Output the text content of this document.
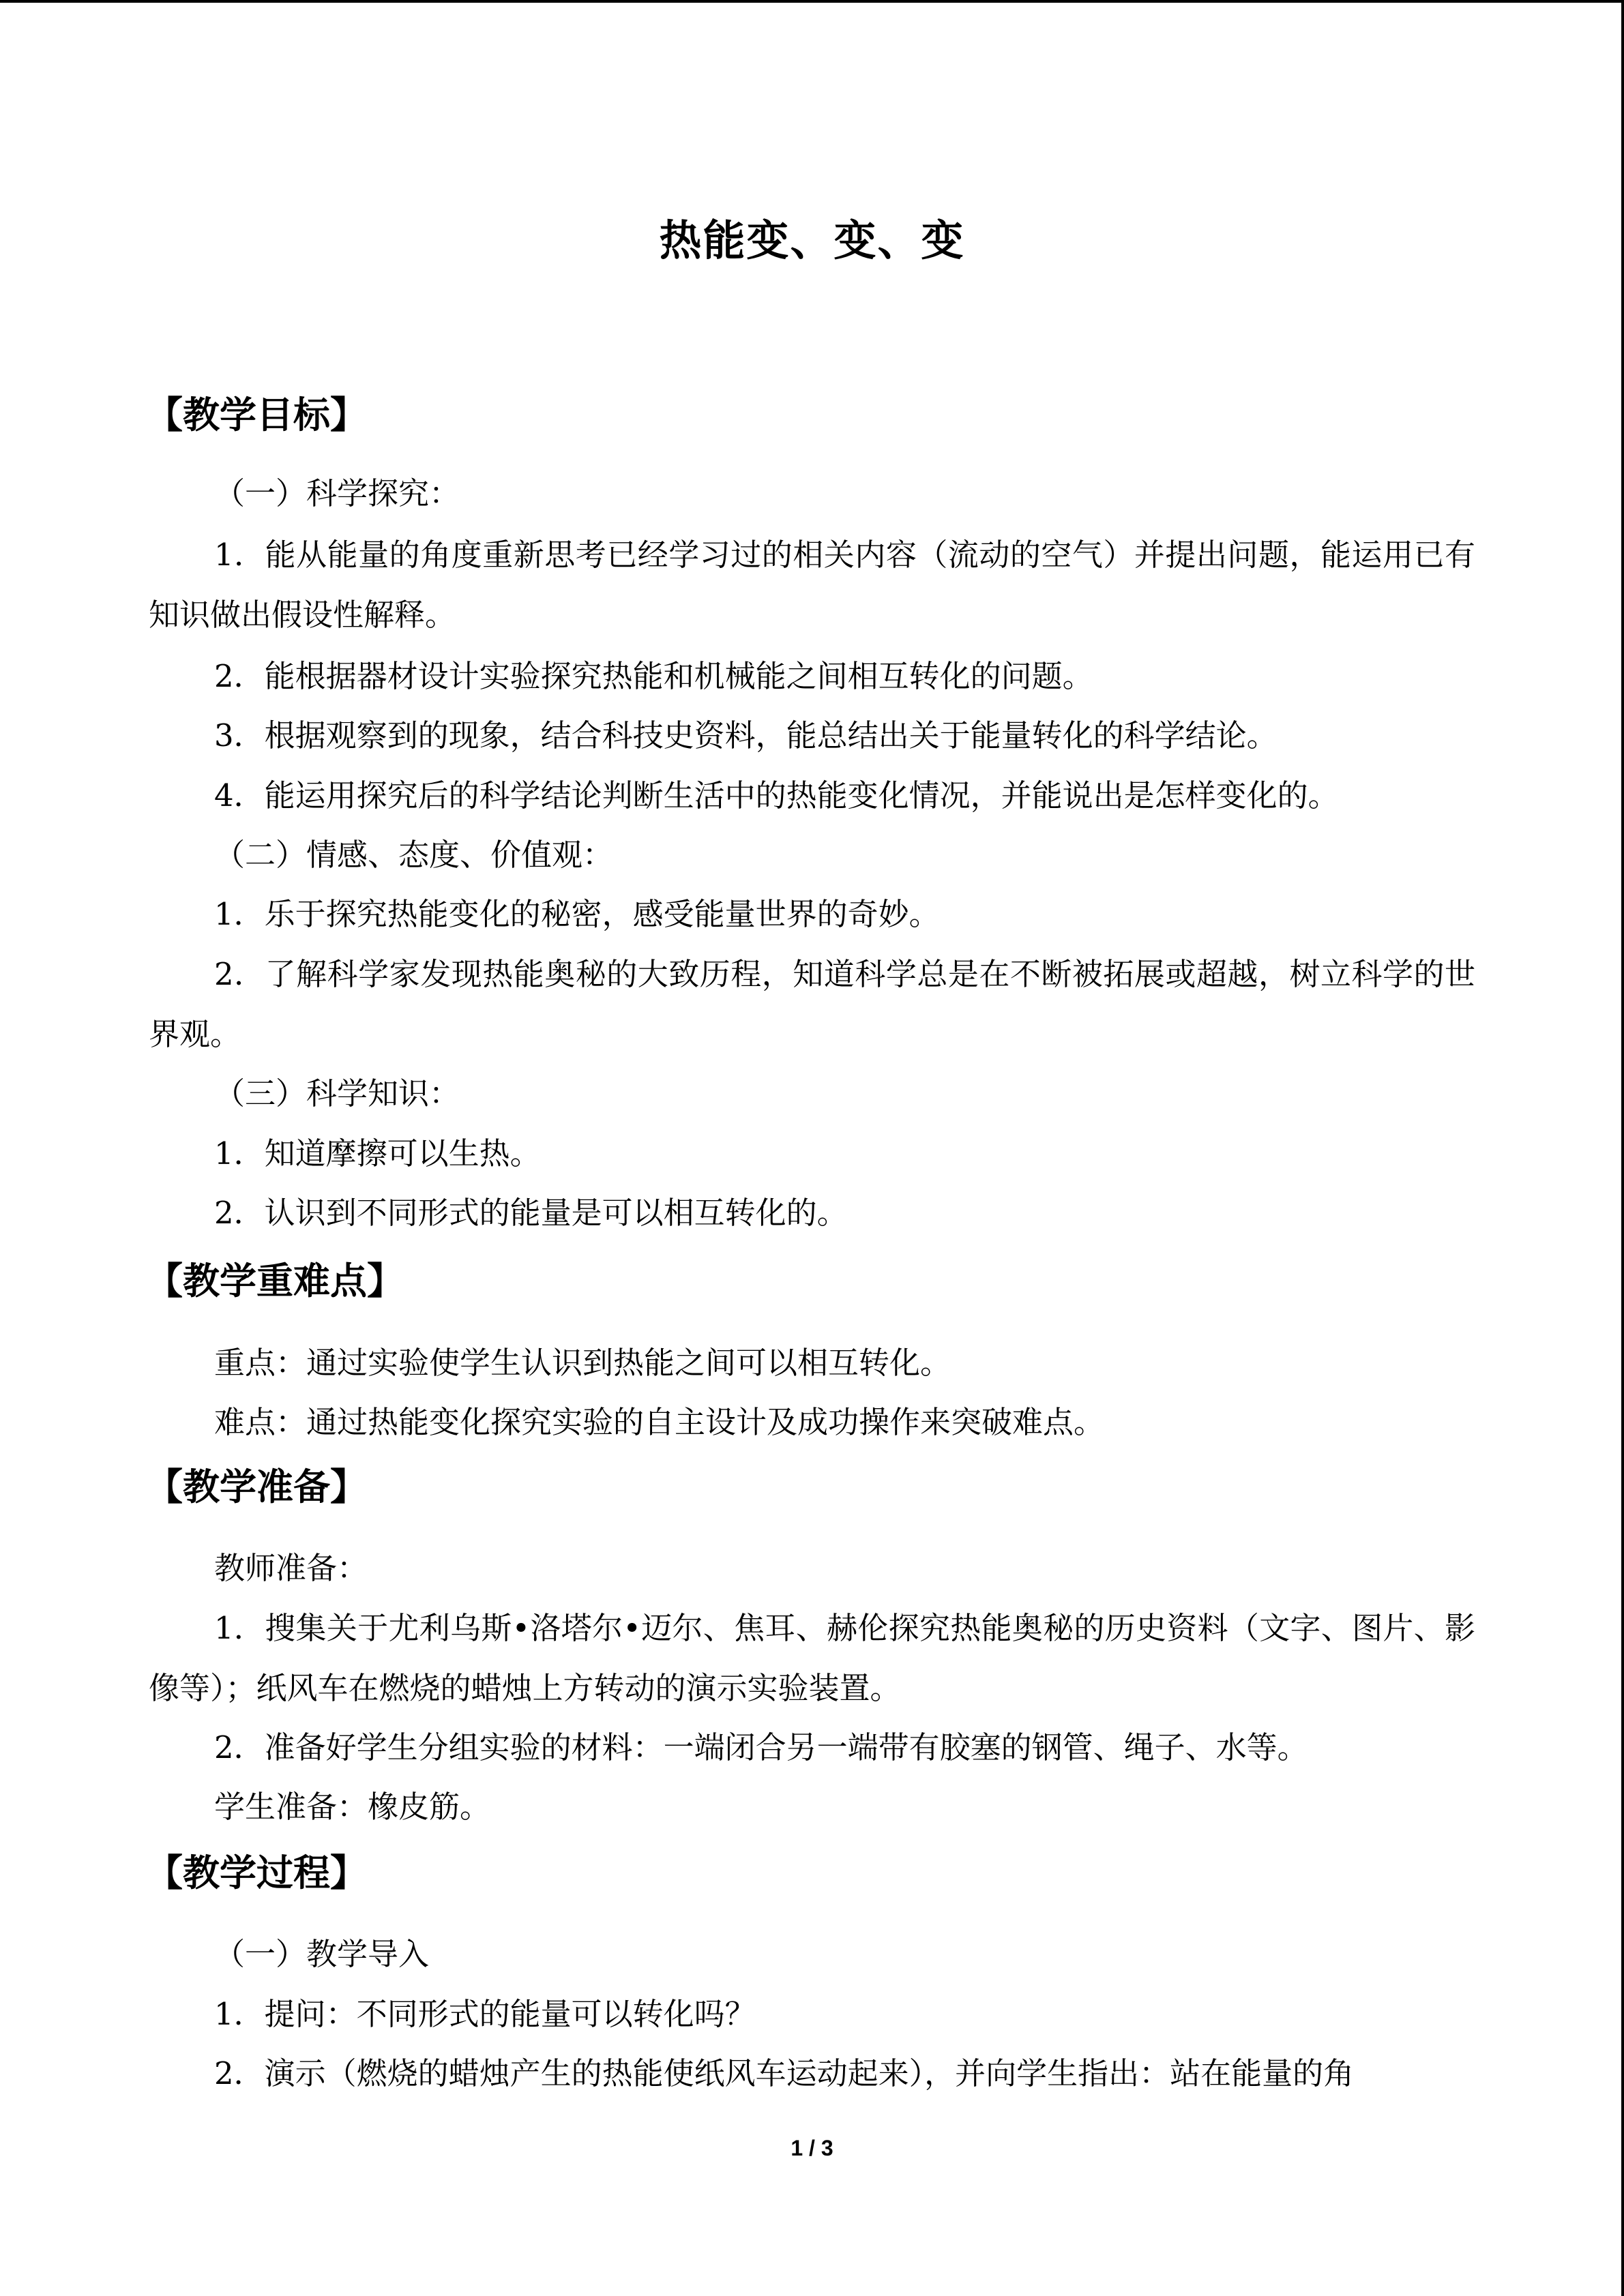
热能变、变、变
【教学目标】
（一）科学探究：
1．能从能量的角度重新思考已经学习过的相关内容（流动的空气）并提出问题，能运用已有知识做出假设性解释。
2．能根据器材设计实验探究热能和机械能之间相互转化的问题。
3．根据观察到的现象，结合科技史资料，能总结出关于能量转化的科学结论。
4．能运用探究后的科学结论判断生活中的热能变化情况，并能说出是怎样变化的。
（二）情感、态度、价值观：
1．乐于探究热能变化的秘密，感受能量世界的奇妙。
2．了解科学家发现热能奥秘的大致历程，知道科学总是在不断被拓展或超越，树立科学的世界观。
（三）科学知识：
1．知道摩擦可以生热。
2．认识到不同形式的能量是可以相互转化的。
【教学重难点】
重点：通过实验使学生认识到热能之间可以相互转化。
难点：通过热能变化探究实验的自主设计及成功操作来突破难点。
【教学准备】
教师准备：
1．搜集关于尤利乌斯•洛塔尔•迈尔、焦耳、赫伦探究热能奥秘的历史资料（文字、图片、影像等）；纸风车在燃烧的蜡烛上方转动的演示实验装置。
2．准备好学生分组实验的材料：一端闭合另一端带有胶塞的钢管、绳子、水等。
学生准备：橡皮筋。
【教学过程】
（一）教学导入
1．提问：不同形式的能量可以转化吗？
2．演示（燃烧的蜡烛产生的热能使纸风车运动起来），并向学生指出：站在能量的角
1 / 3
